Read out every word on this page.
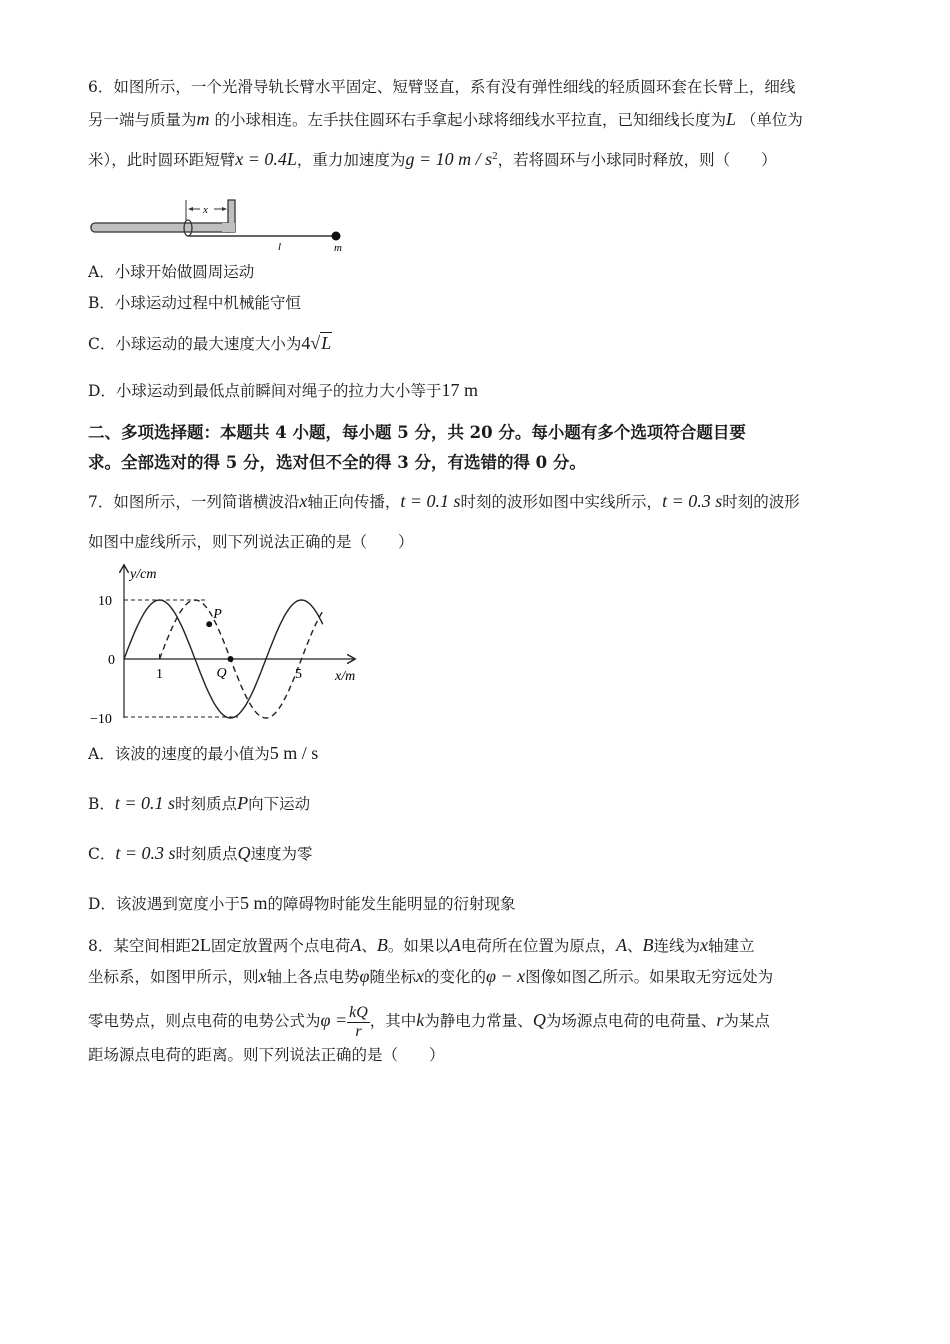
6．如图所示，一个光滑导轨长臂水平固定、短臂竖直，系有没有弹性细线的轻质圆环套在长臂上，细线
另一端与质量为m 的小球相连。左手扶住圆环右手拿起小球将细线水平拉直，已知细线长度为L （单位为
米），此时圆环距短臂x = 0.4L，重力加速度为g = 10 m / $s^2$，若将圆环与小球同时释放，则（　　）
x
l	m
A．小球开始做圆周运动
B．小球运动过程中机械能守恒
C．小球运动的最大速度大小为4√L
D．小球运动到最低点前瞬间对绳子的拉力大小等于17 m
二、多项选择题：本题共 4 小题，每小题 5 分，共 20 分。每小题有多个选项符合题目要
求。全部选对的得 5 分，选对但不全的得 3 分，有选错的得 0 分。
7．如图所示，一列简谐横波沿x轴正向传播，t = 0.1 s时刻的波形如图中实线所示，t = 0.3 s时刻的波形
如图中虚线所示，则下列说法正确的是（　　）
y/cm
x/m
10
0
−10
1	5
P
Q
A．该波的速度的最小值为5 m / s
B．t = 0.1 s时刻质点P向下运动
C．t = 0.3 s时刻质点Q速度为零
D．该波遇到宽度小于5 m的障碍物时能发生能明显的衍射现象
8．某空间相距2L固定放置两个点电荷A、B。如果以A电荷所在位置为原点，A、B连线为x轴建立
坐标系，如图甲所示，则x轴上各点电势φ随坐标x的变化的φ − x图像如图乙所示。如果取无穷远处为
零电势点，则点电荷的电势公式为$\varphi = \frac{kQ}{r}$ ，其中k为静电力常量、Q为场源点电荷的电荷量、r为某点
距场源点电荷的距离。则下列说法正确的是（　　）
